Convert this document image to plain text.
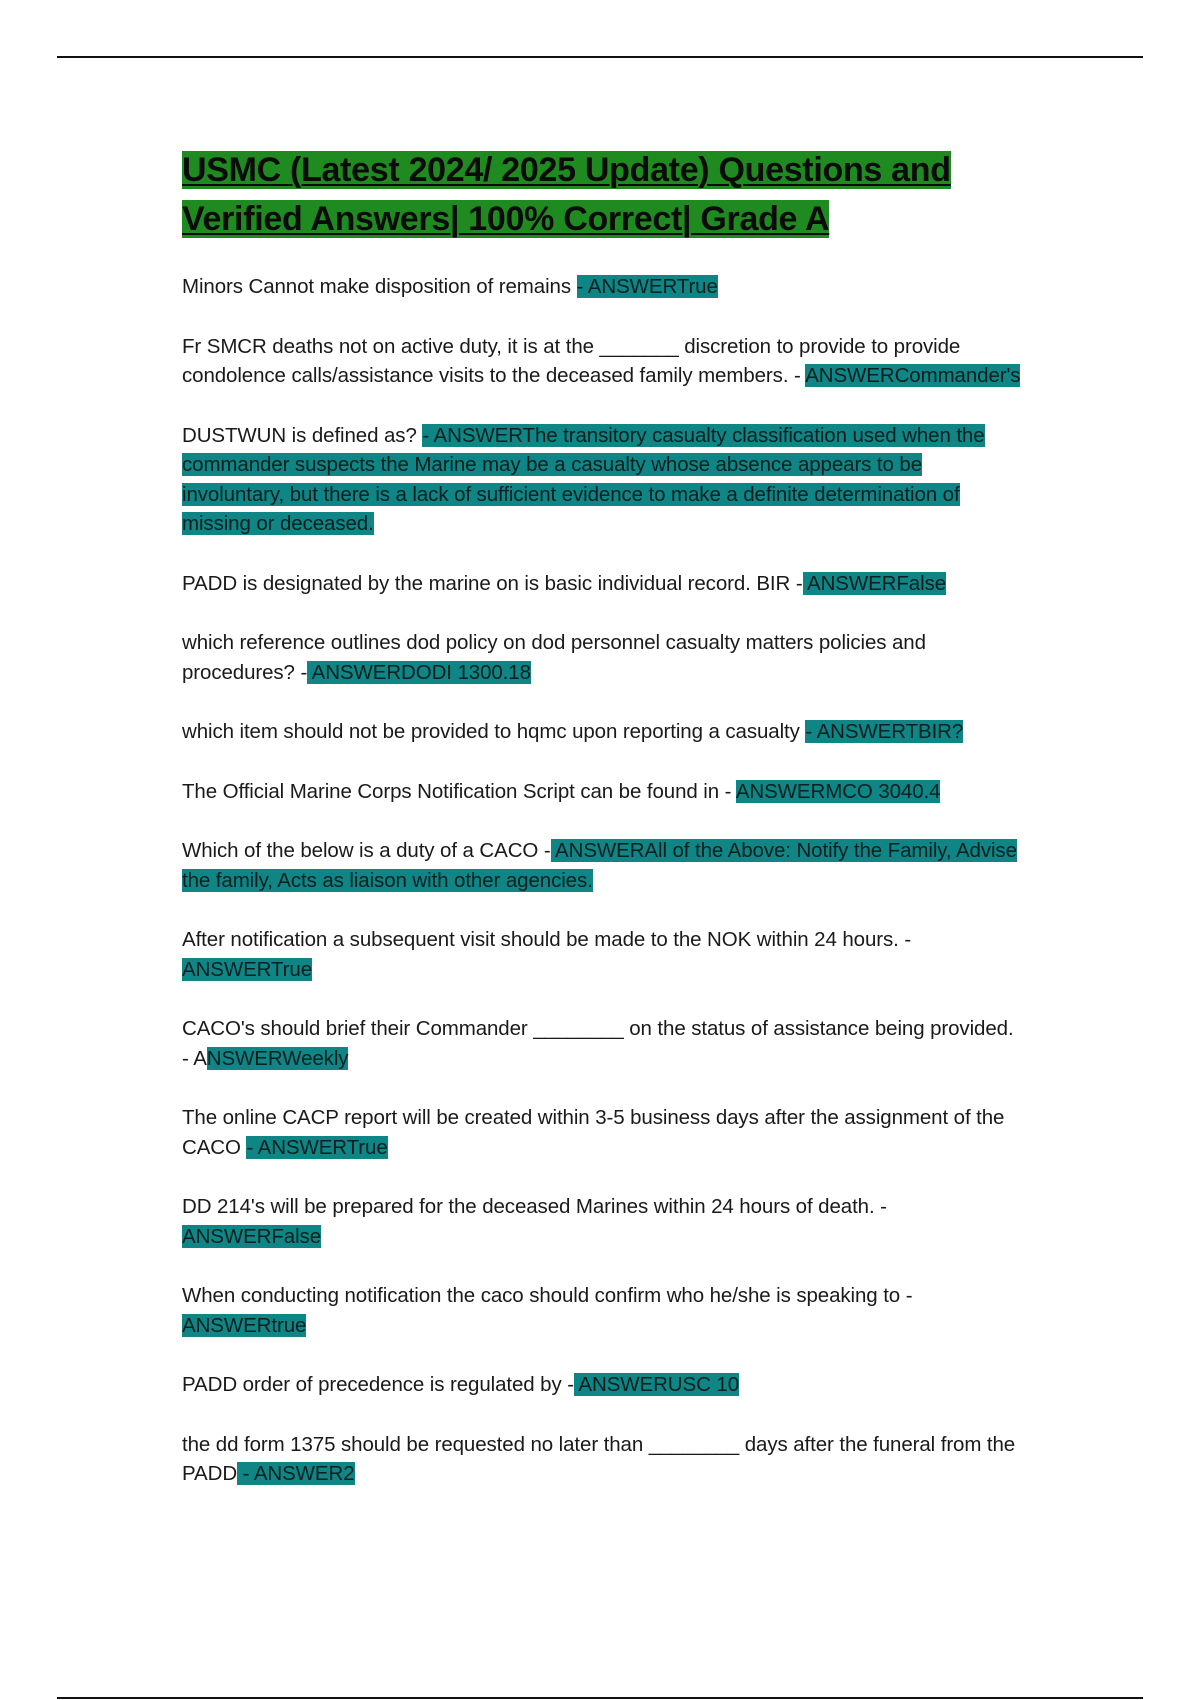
USMC (Latest 2024/ 2025 Update) Questions and Verified Answers| 100% Correct| Grade A

Minors Cannot make disposition of remains - ANSWERTrue

Fr SMCR deaths not on active duty, it is at the _______ discretion to provide to provide condolence calls/assistance visits to the deceased family members. - ANSWERCommander's

DUSTWUN is defined as? - ANSWERThe transitory casualty classification used when the commander suspects the Marine may be a casualty whose absence appears to be involuntary, but there is a lack of sufficient evidence to make a definite determination of missing or deceased.

PADD is designated by the marine on is basic individual record. BIR - ANSWERFalse

which reference outlines dod policy on dod personnel casualty matters policies and procedures? - ANSWERDODI 1300.18

which item should not be provided to hqmc upon reporting a casualty - ANSWERTBIR?

The Official Marine Corps Notification Script can be found in - ANSWERMCO 3040.4

Which of the below is a duty of a CACO - ANSWERAll of the Above: Notify the Family, Advise the family, Acts as liaison with other agencies.

After notification a subsequent visit should be made to the NOK within 24 hours. - ANSWERTrue

CACO's should brief their Commander ________ on the status of assistance being provided. - ANSWERWeekly

The online CACP report will be created within 3-5 business days after the assignment of the CACO - ANSWERTrue

DD 214's will be prepared for the deceased Marines within 24 hours of death. - ANSWERFalse

When conducting notification the caco should confirm who he/she is speaking to - ANSWERtrue

PADD order of precedence is regulated by - ANSWERUSC 10

the dd form 1375 should be requested no later than ________ days after the funeral from the PADD - ANSWER2
